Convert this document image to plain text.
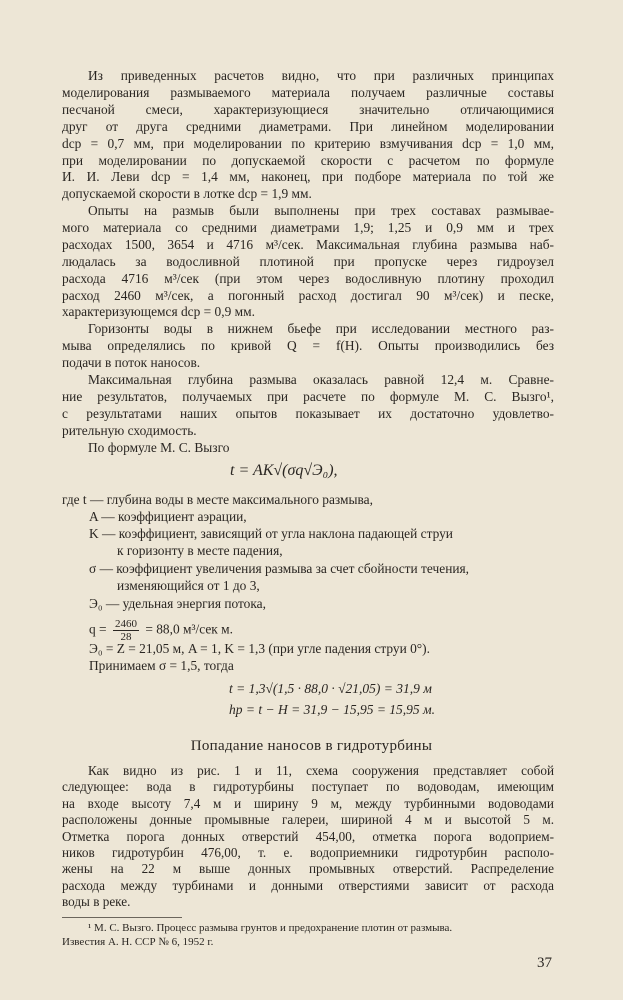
Из приведенных расчетов видно, что при различных принципах
моделирования размываемого материала получаем различные составы
песчаной смеси, характеризующиеся значительно отличающимися
друг от друга средними диаметрами. При линейном моделировании
dср = 0,7 мм, при моделировании по критерию взмучивания dср = 1,0 мм,
при моделировании по допускаемой скорости с расчетом по формуле
И. И. Леви dср = 1,4 мм, наконец, при подборе материала по той же
допускаемой скорости в лотке dср = 1,9 мм.

Опыты на размыв были выполнены при трех составах размывае-
мого материала со средними диаметрами 1,9; 1,25 и 0,9 мм и трех
расходах 1500, 3654 и 4716 м³/сек. Максимальная глубина размыва наб-
людалась за водосливной плотиной при пропуске через гидроузел
расхода 4716 м³/сек (при этом через водосливную плотину проходил
расход 2460 м³/сек, а погонный расход достигал 90 м³/сек) и песке,
характеризующемся dср = 0,9 мм.

Горизонты воды в нижнем бьефе при исследовании местного раз-
мыва определялись по кривой Q = f(H). Опыты производились без
подачи в поток наносов.

Максимальная глубина размыва оказалась равной 12,4 м. Сравне-
ние результатов, получаемых при расчете по формуле М. С. Вызго¹,
с результатами наших опытов показывает их достаточно удовлетво-
рительную сходимость.

По формуле М. С. Вызго

t = AK√(σq√Э₀),
где t — глубина воды в месте максимального размыва,
A — коэффициент аэрации,
K — коэффициент, зависящий от угла наклона падающей струи
к горизонту в месте падения,
σ — коэффициент увеличения размыва за счет сбойности течения,
изменяющийся от 1 до 3,
Э₀ — удельная энергия потока,
$q = \frac{2460}{28} = 88,0$ м³/сек м.
Э₀ = Z = 21,05 м, A = 1, K = 1,3 (при угле падения струи 0°).
Принимаем σ = 1,5, тогда
t = 1,3√(1,5 · 88,0 · √21,05) = 31,9 м
hр = t − H = 31,9 − 15,95 = 15,95 м.
Попадание наносов в гидротурбины

Как видно из рис. 1 и 11, схема сооружения представляет собой
следующее: вода в гидротурбины поступает по водоводам, имеющим
на входе высоту 7,4 м и ширину 9 м, между турбинными водоводами
расположены донные промывные галереи, шириной 4 м и высотой 5 м.
Отметка порога донных отверстий 454,00, отметка порога водоприем-
ников гидротурбин 476,00, т. е. водоприемники гидротурбин располо-
жены на 22 м выше донных промывных отверстий. Распределение
расхода между турбинами и донными отверстиями зависит от расхода
воды в реке.

¹ М. С. Вызго. Процесс размыва грунтов и предохранение плотин от размыва.
Известия А. Н. ССР № 6, 1952 г.
37
